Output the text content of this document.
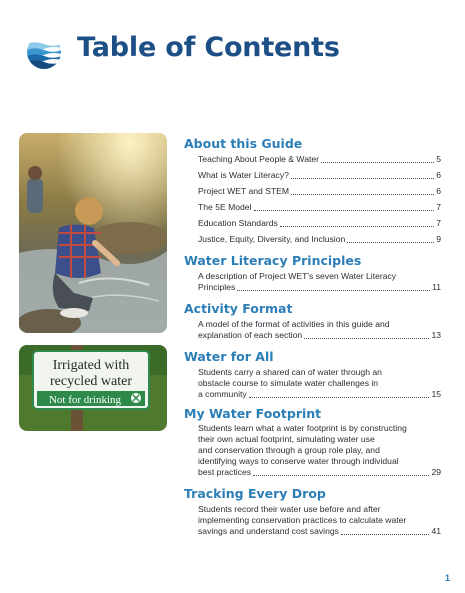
Table of Contents
Irrigated with
recycled water
Not for drinking
About this Guide
Teaching About People & Water	5
What is Water Literacy?	6
Project WET and STEM	6
The 5E Model	7
Education Standards	7
Justice, Equity, Diversity, and Inclusion	9
Water Literacy Principles
A description of Project WET's seven Water Literacy
Principles	11
Activity Format
A model of the format of activities in this guide and
explanation of each section	13
Water for All
Students carry a shared can of water through an
obstacle course to simulate water challenges in
a community	15
My Water Footprint
Students learn what a water footprint is by constructing
their own actual footprint, simulating water use
and conservation through a group role play, and
identifying ways to conserve water through individual
best practices	29
Tracking Every Drop
Students record their water use before and after
implementing conservation practices to calculate water
savings and understand cost savings	41
1
